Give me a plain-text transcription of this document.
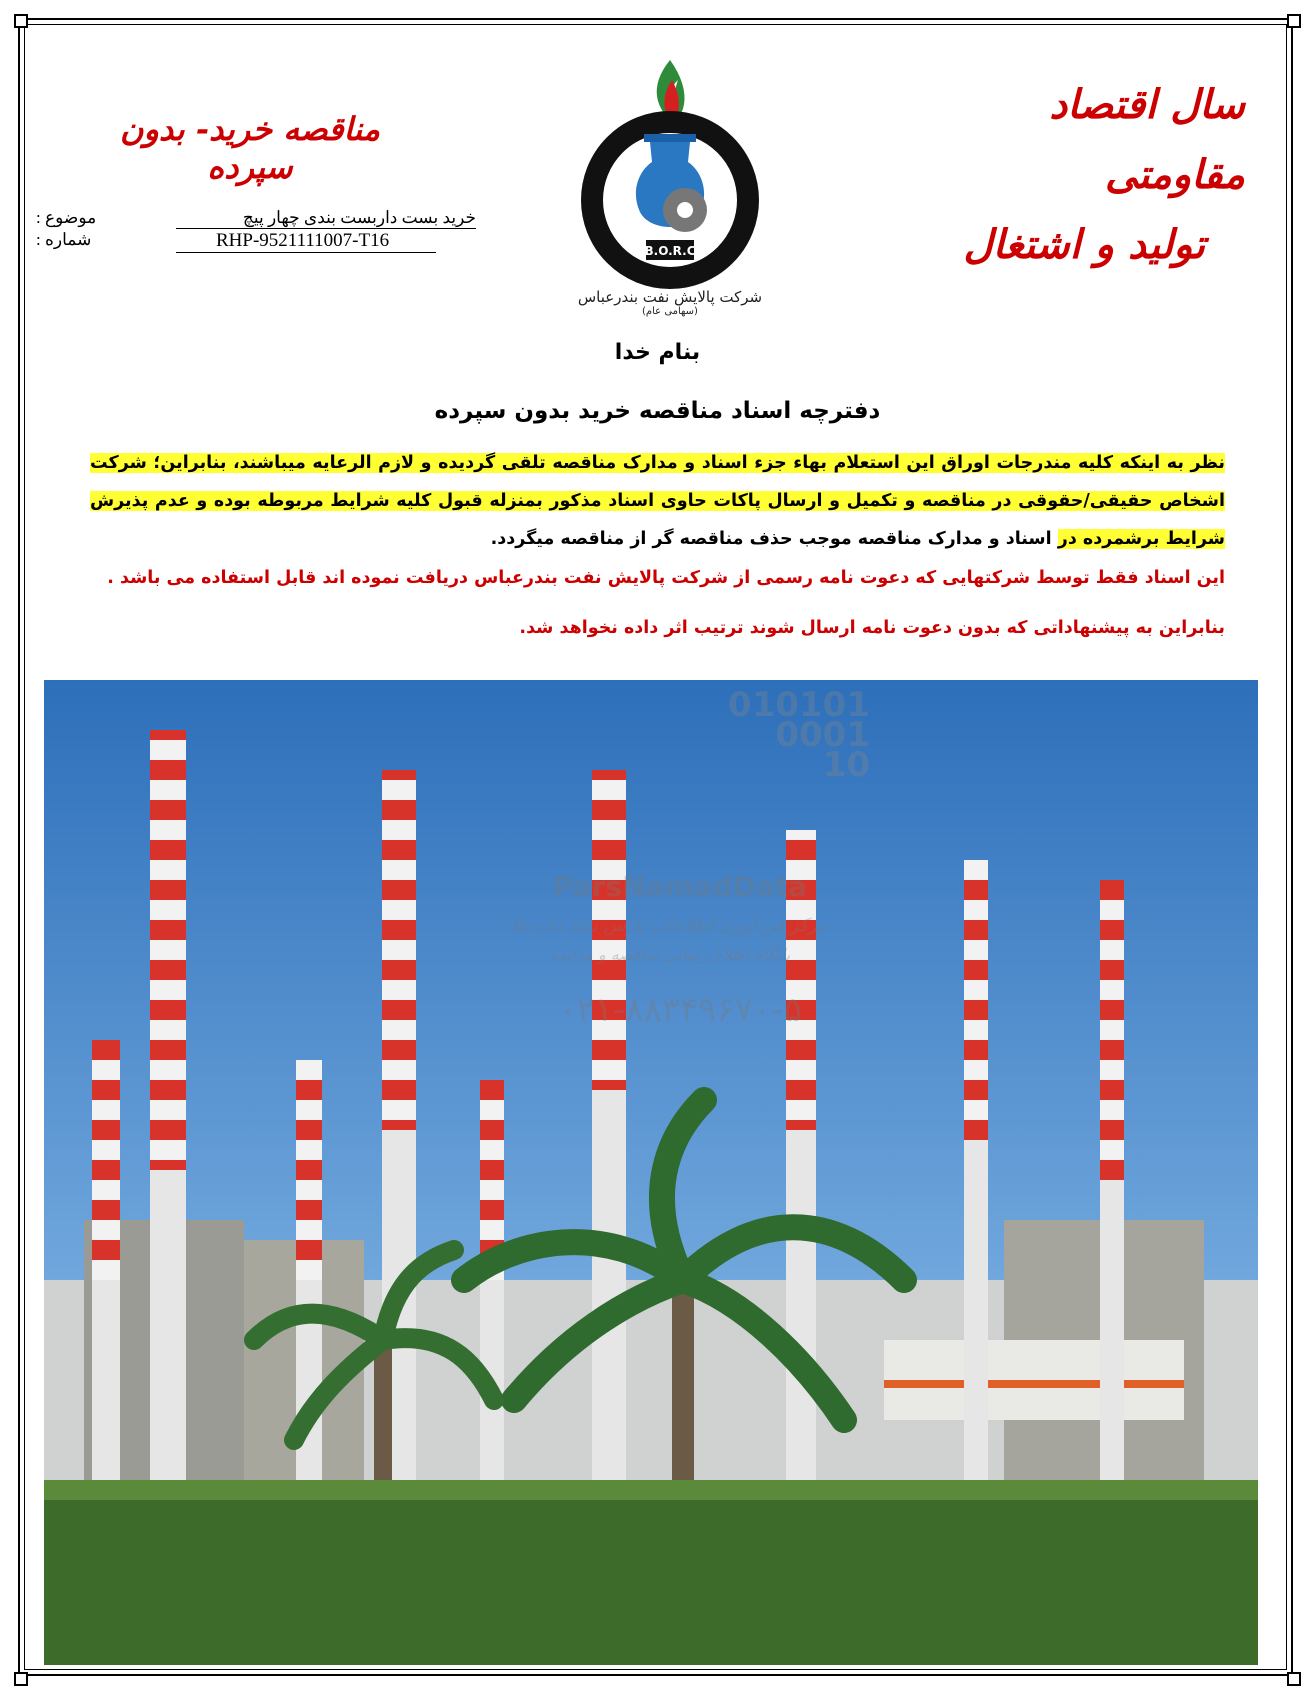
سال اقتصاد مقاومتی
تولید و اشتغال
مناقصه خرید- بدون سپرده
موضوع :	خرید بست داربست بندی چهار پیچ
شماره :	RHP-9521111007-T16	B.O.R.C
شرکت پالایش نفت بندرعباس
(سهامی عام)
بنام خدا
دفترچه اسناد مناقصه خرید بدون سپرده
نظر به اینکه کلیه مندرجات اوراق این استعلام بهاء جزء اسناد و مدارک مناقصه تلقی گردیده و لازم الرعایه میباشند، بنابراین؛ شرکت اشخاص حقیقی/حقوقی در مناقصه و تکمیل و ارسال پاکات حاوی اسناد مذکور بمنزله قبول کلیه شرایط مربوطه بوده و عدم پذیرش شرایط برشمرده در اسناد و مدارک مناقصه موجب حذف مناقصه گر از مناقصه میگردد.
این اسناد فقط توسط شرکتهایی که دعوت نامه رسمی از شرکت پالایش نفت بندرعباس دریافت نموده اند قابل استفاده می باشد .
بنابراین به پیشنهاداتی که بدون دعوت نامه ارسال شوند ترتیب اثر داده نخواهد شد.
010101
0001
10
ParsNamadData
مرکز فن آوری اطلاعات پارس نماد داده ها
پایگاه اطلاع رسانی مناقصه و مزایده
۰۲۱-۸۸۳۴۹۶۷۰-۵
